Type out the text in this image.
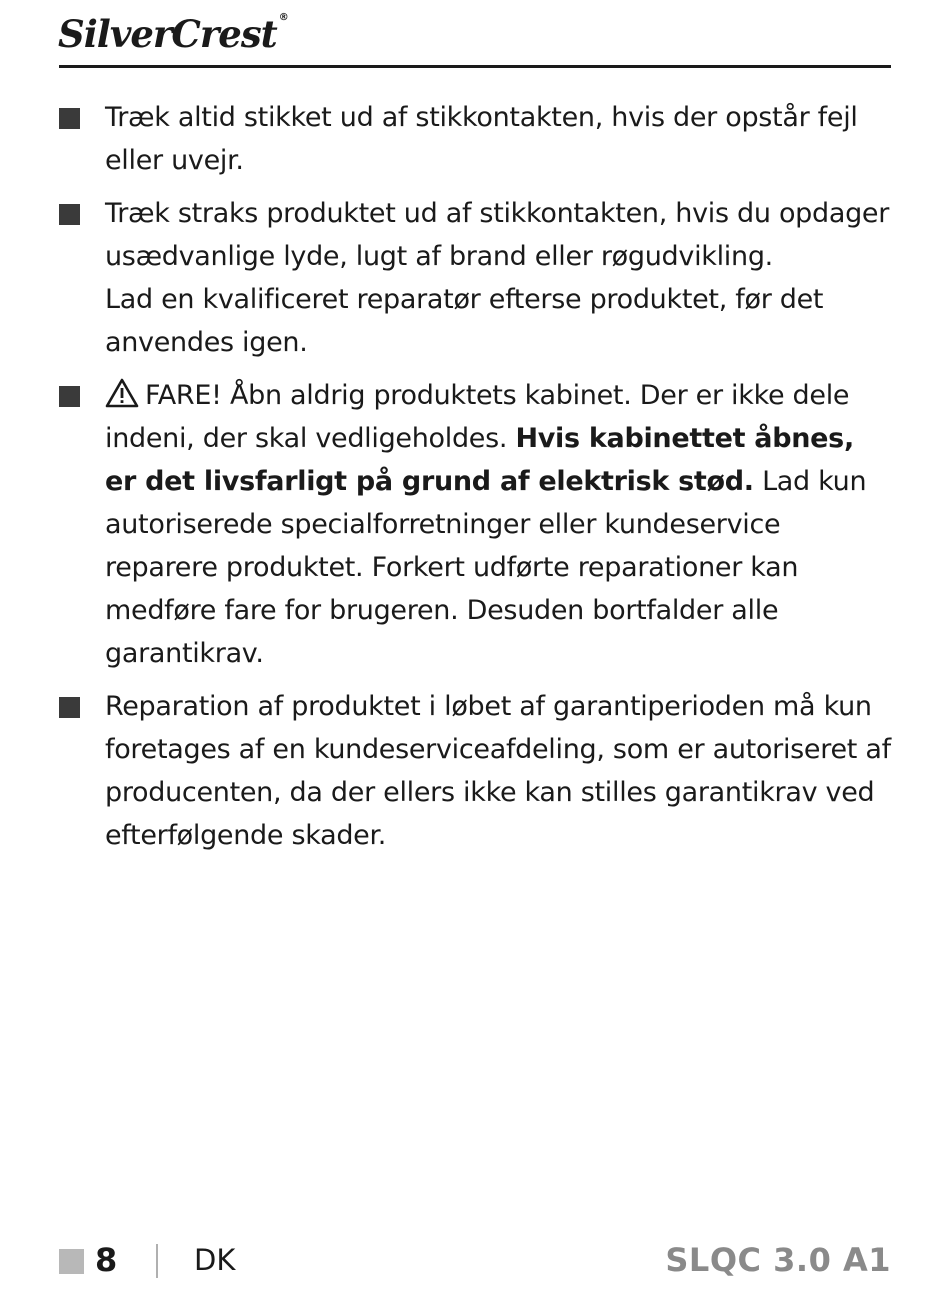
SilverCrest ®
Træk altid stikket ud af stikkontakten, hvis der opstår fejl eller uvejr.
Træk straks produktet ud af stikkontakten, hvis du opdager usædvanlige lyde, lugt af brand eller røgudvikling.
Lad en kvalificeret reparatør efterse produktet, før det anvendes igen.
FARE! Åbn aldrig produktets kabinet. Der er ikke dele indeni, der skal vedligeholdes. Hvis kabinettet åbnes, er det livsfarligt på grund af elektrisk stød. Lad kun autoriserede specialforretninger eller kundeservice reparere produktet. Forkert udførte reparationer kan medføre fare for brugeren. Desuden bortfalder alle garantikrav.
Reparation af produktet i løbet af garantiperioden må kun foretages af en kundeserviceafdeling, som er autoriseret af producenten, da der ellers ikke kan stilles garantikrav ved efterfølgende skader.
8	DK	SLQC 3.0 A1
